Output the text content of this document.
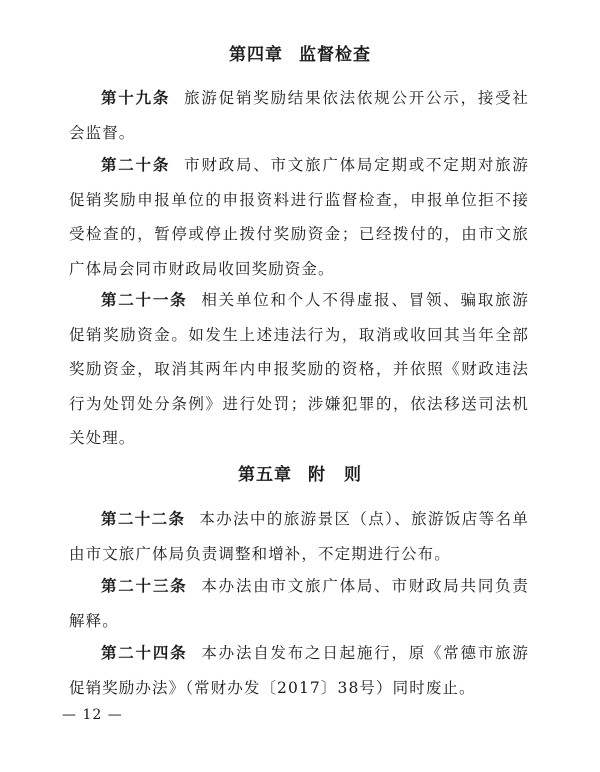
第四章 监督检查

第十九条 旅游促销奖励结果依法依规公开公示，接受社会监督。

第二十条 市财政局、市文旅广体局定期或不定期对旅游促销奖励申报单位的申报资料进行监督检查，申报单位拒不接受检查的，暂停或停止拨付奖励资金；已经拨付的，由市文旅广体局会同市财政局收回奖励资金。

第二十一条 相关单位和个人不得虚报、冒领、骗取旅游促销奖励资金。如发生上述违法行为，取消或收回其当年全部奖励资金，取消其两年内申报奖励的资格，并依照《财政违法行为处罚处分条例》进行处罚；涉嫌犯罪的，依法移送司法机关处理。

第五章 附　则

第二十二条 本办法中的旅游景区（点）、旅游饭店等名单由市文旅广体局负责调整和增补，不定期进行公布。

第二十三条 本办法由市文旅广体局、市财政局共同负责解释。

第二十四条 本办法自发布之日起施行，原《常德市旅游促销奖励办法》（常财办发〔2017〕38号）同时废止。

— 12 —
